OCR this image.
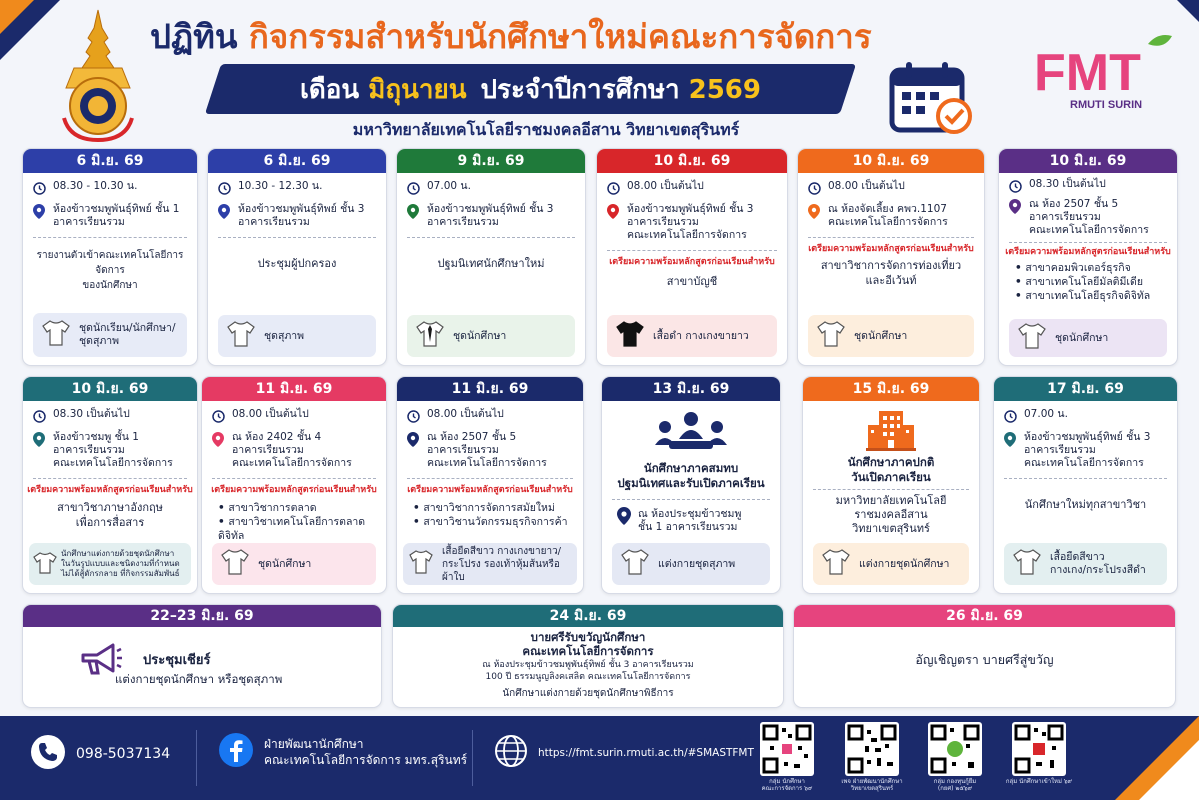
ปฏิทิน กิจกรรมสำหรับนักศึกษาใหม่คณะการจัดการ
เดือน มิถุนายน ประจำปีการศึกษา 2569
มหาวิทยาลัยเทคโนโลยีราชมงคลอีสาน วิทยาเขตสุรินทร์
FMT
RMUTI SURIN
6 มิ.ย. 69
08.30 - 10.30 น.
ห้องข้าวชมพูพันธุ์ทิพย์ ชั้น 1
อาคารเรียนรวม
รายงานตัวเข้าคณะเทคโนโลยีการจัดการ
ของนักศึกษา
ชุดนักเรียน/นักศึกษา/
ชุดสุภาพ
6 มิ.ย. 69
10.30 - 12.30 น.
ห้องข้าวชมพูพันธุ์ทิพย์ ชั้น 3
อาคารเรียนรวม
ประชุมผู้ปกครอง
ชุดสุภาพ
9 มิ.ย. 69
07.00 น.
ห้องข้าวชมพูพันธุ์ทิพย์ ชั้น 3
อาคารเรียนรวม
ปฐมนิเทศนักศึกษาใหม่
ชุดนักศึกษา
10 มิ.ย. 69
08.00 เป็นต้นไป
ห้องข้าวชมพูพันธุ์ทิพย์ ชั้น 3
อาคารเรียนรวม
คณะเทคโนโลยีการจัดการ
เตรียมความพร้อมหลักสูตรก่อนเรียนสำหรับ
สาขาบัญชี
เสื้อดำ กางเกงขายาว
10 มิ.ย. 69
08.00 เป็นต้นไป
ณ ห้องจัดเลี้ยง คพว.1107
คณะเทคโนโลยีการจัดการ
เตรียมความพร้อมหลักสูตรก่อนเรียนสำหรับ
สาขาวิชาการจัดการท่องเที่ยว
และอีเว้นท์
ชุดนักศึกษา
10 มิ.ย. 69
08.30 เป็นต้นไป
ณ ห้อง 2507 ชั้น 5
อาคารเรียนรวม
คณะเทคโนโลยีการจัดการ
เตรียมความพร้อมหลักสูตรก่อนเรียนสำหรับ
• สาขาคอมพิวเตอร์ธุรกิจ
• สาขาเทคโนโลยีมัลติมีเดีย
• สาขาเทคโนโลยีธุรกิจดิจิทัล
ชุดนักศึกษา
10 มิ.ย. 69
08.30 เป็นต้นไป
ห้องข้าวชมพู ชั้น 1
อาคารเรียนรวม
คณะเทคโนโลยีการจัดการ
เตรียมความพร้อมหลักสูตรก่อนเรียนสำหรับ
สาขาวิชาภาษาอังกฤษ
เพื่อการสื่อสาร
นักศึกษาแต่งกายด้วยชุดนักศึกษา
ในวันรูปแบบและชนิดงามที่กำหนด
ไม่ได้สู้ดักรกลาย ที่กิจกรรมสัมพันธ์
11 มิ.ย. 69
08.00 เป็นต้นไป
ณ ห้อง 2402 ชั้น 4
อาคารเรียนรวม
คณะเทคโนโลยีการจัดการ
เตรียมความพร้อมหลักสูตรก่อนเรียนสำหรับ
• สาขาวิชาการตลาด
• สาขาวิชาเทคโนโลยีการตลาดดิจิทัล
ชุดนักศึกษา
11 มิ.ย. 69
08.00 เป็นต้นไป
ณ ห้อง 2507 ชั้น 5
อาคารเรียนรวม
คณะเทคโนโลยีการจัดการ
เตรียมความพร้อมหลักสูตรก่อนเรียนสำหรับ
• สาขาวิชาการจัดการสมัยใหม่
• สาขาวิชานวัตกรรมธุรกิจการค้า
เสื้อยืดสีขาว กางเกงขายาว/
กระโปรง รองเท้าหุ้มส้นหรือผ้าใบ
13 มิ.ย. 69
นักศึกษาภาคสมทบ
ปฐมนิเทศและรับเปิดภาคเรียน
ณ ห้องประชุมข้าวชมพู
ชั้น 1 อาคารเรียนรวม
แต่งกายชุดสุภาพ
15 มิ.ย. 69
นักศึกษาภาคปกติ
วันเปิดภาคเรียน
มหาวิทยาลัยเทคโนโลยี
ราชมงคลอีสาน
วิทยาเขตสุรินทร์
แต่งกายชุดนักศึกษา
17 มิ.ย. 69
07.00 น.
ห้องข้าวชมพูพันธุ์ทิพย์ ชั้น 3
อาคารเรียนรวม
คณะเทคโนโลยีการจัดการ
นักศึกษาใหม่ทุกสาขาวิชา
เสื้อยืดสีขาว
กางเกง/กระโปรงสีดำ
22–23 มิ.ย. 69
ประชุมเชียร์
แต่งกายชุดนักศึกษา หรือชุดสุภาพ
24 มิ.ย. 69
บายศรีรับขวัญนักศึกษา
คณะเทคโนโลยีการจัดการ
ณ ห้องประชุมข้าวชมพูพันธุ์ทิพย์ ชั้น 3 อาคารเรียนรวม
100 ปี ธรรมนูญลิงคเสลิต คณะเทคโนโลยีการจัดการ
นักศึกษาแต่งกายด้วยชุดนักศึกษาพิธีการ
26 มิ.ย. 69
อัญเชิญตรา บายศรีสู่ขวัญ
098-5037134
ฝ่ายพัฒนานักศึกษา
คณะเทคโนโลยีการจัดการ มทร.สุรินทร์	https://fmt.surin.rmuti.ac.th/#SMASTFMT
กลุ่ม นักศึกษา
คณะการจัดการ ๖๙
เพจ ฝ่ายพัฒนานักศึกษา
วิทยาเขตสุรินทร์
กลุ่ม กองทุนกู้ยืม
(กยศ) ๒๕๖๙
กลุ่ม นักศึกษาเข้าใหม่ ๖๙
